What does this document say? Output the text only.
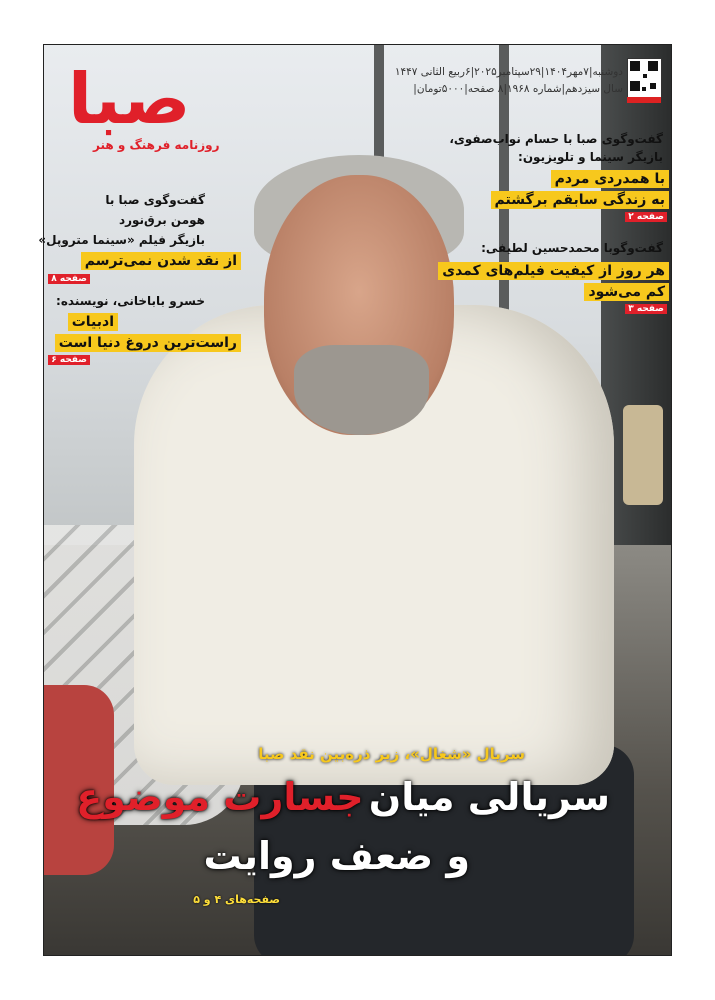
صبا
روزنامه فرهنگ و هنر
دوشنبه|۷مهر۱۴۰۴|۲۹سپتامبر۲۰۲۵|۶ربیع الثانی ۱۴۴۷
سال سیزدهم|شماره ۱۹۶۸|۸ صفحه|۵۰۰۰تومان|
گفت‌وگوی صبا با حسام نواب‌صفوی،
بازیگر سینما و تلویزیون:
با همدردی مردم
به زندگی سابقم برگشتم
صفحه ۲
گفت‌وگوبا محمدحسین لطیفی:
هر روز از کیفیت فیلم‌های کمدی
کم می‌شود
صفحه ۳
گفت‌وگوی صبا با
هومن برق‌نورد
بازیگر فیلم «سینما مترو‌پل»
از نقد شدن نمی‌ترسم
صفحه ۸
خسرو باباخانی، نویسنده:
ادبیات
راست‌ترین دروغ دنیا است
صفحه ۶
سریال «شغال»، زیر ذره‌بین نقد صبا
سریالی میان جسارت موضوع
و ضعف روایت
صفحه‌های ۴ و ۵
